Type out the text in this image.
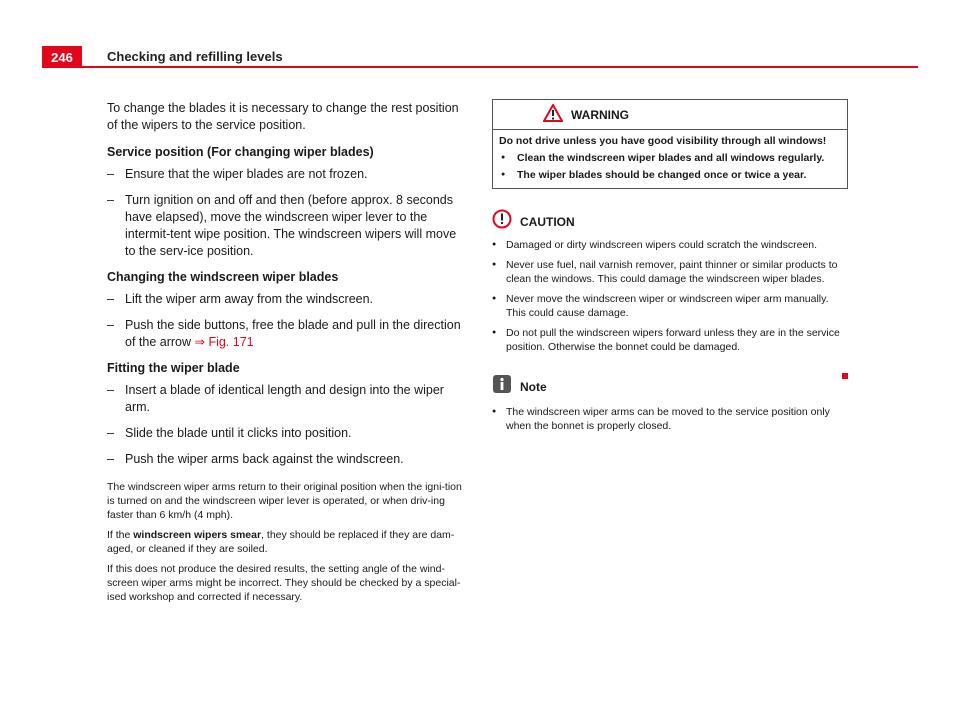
246	Checking and refilling levels

To change the blades it is necessary to change the rest position of the wipers to the service position.

Service position (For changing wiper blades)

– Ensure that the wiper blades are not frozen.

– Turn ignition on and off and then (before approx. 8 seconds have elapsed), move the windscreen wiper lever to the intermit-tent wipe position. The windscreen wipers will move to the serv-ice position.

Changing the windscreen wiper blades

– Lift the wiper arm away from the windscreen.

– Push the side buttons, free the blade and pull in the direction of the arrow ⇒ Fig. 171

Fitting the wiper blade

– Insert a blade of identical length and design into the wiper arm.

– Slide the blade until it clicks into position.

– Push the wiper arms back against the windscreen.

The windscreen wiper arms return to their original position when the igni-tion is turned on and the windscreen wiper lever is operated, or when driv-ing faster than 6 km/h (4 mph).

If the windscreen wipers smear, they should be replaced if they are dam-aged, or cleaned if they are soiled.

If this does not produce the desired results, the setting angle of the wind-screen wiper arms might be incorrect. They should be checked by a special-ised workshop and corrected if necessary.

WARNING

Do not drive unless you have good visibility through all windows!

● Clean the windscreen wiper blades and all windows regularly.

● The wiper blades should be changed once or twice a year.

CAUTION

● Damaged or dirty windscreen wipers could scratch the windscreen.

● Never use fuel, nail varnish remover, paint thinner or similar products to clean the windows. This could damage the windscreen wiper blades.

● Never move the windscreen wiper or windscreen wiper arm manually. This could cause damage.

● Do not pull the windscreen wipers forward unless they are in the service position. Otherwise the bonnet could be damaged.

Note

● The windscreen wiper arms can be moved to the service position only when the bonnet is properly closed.
